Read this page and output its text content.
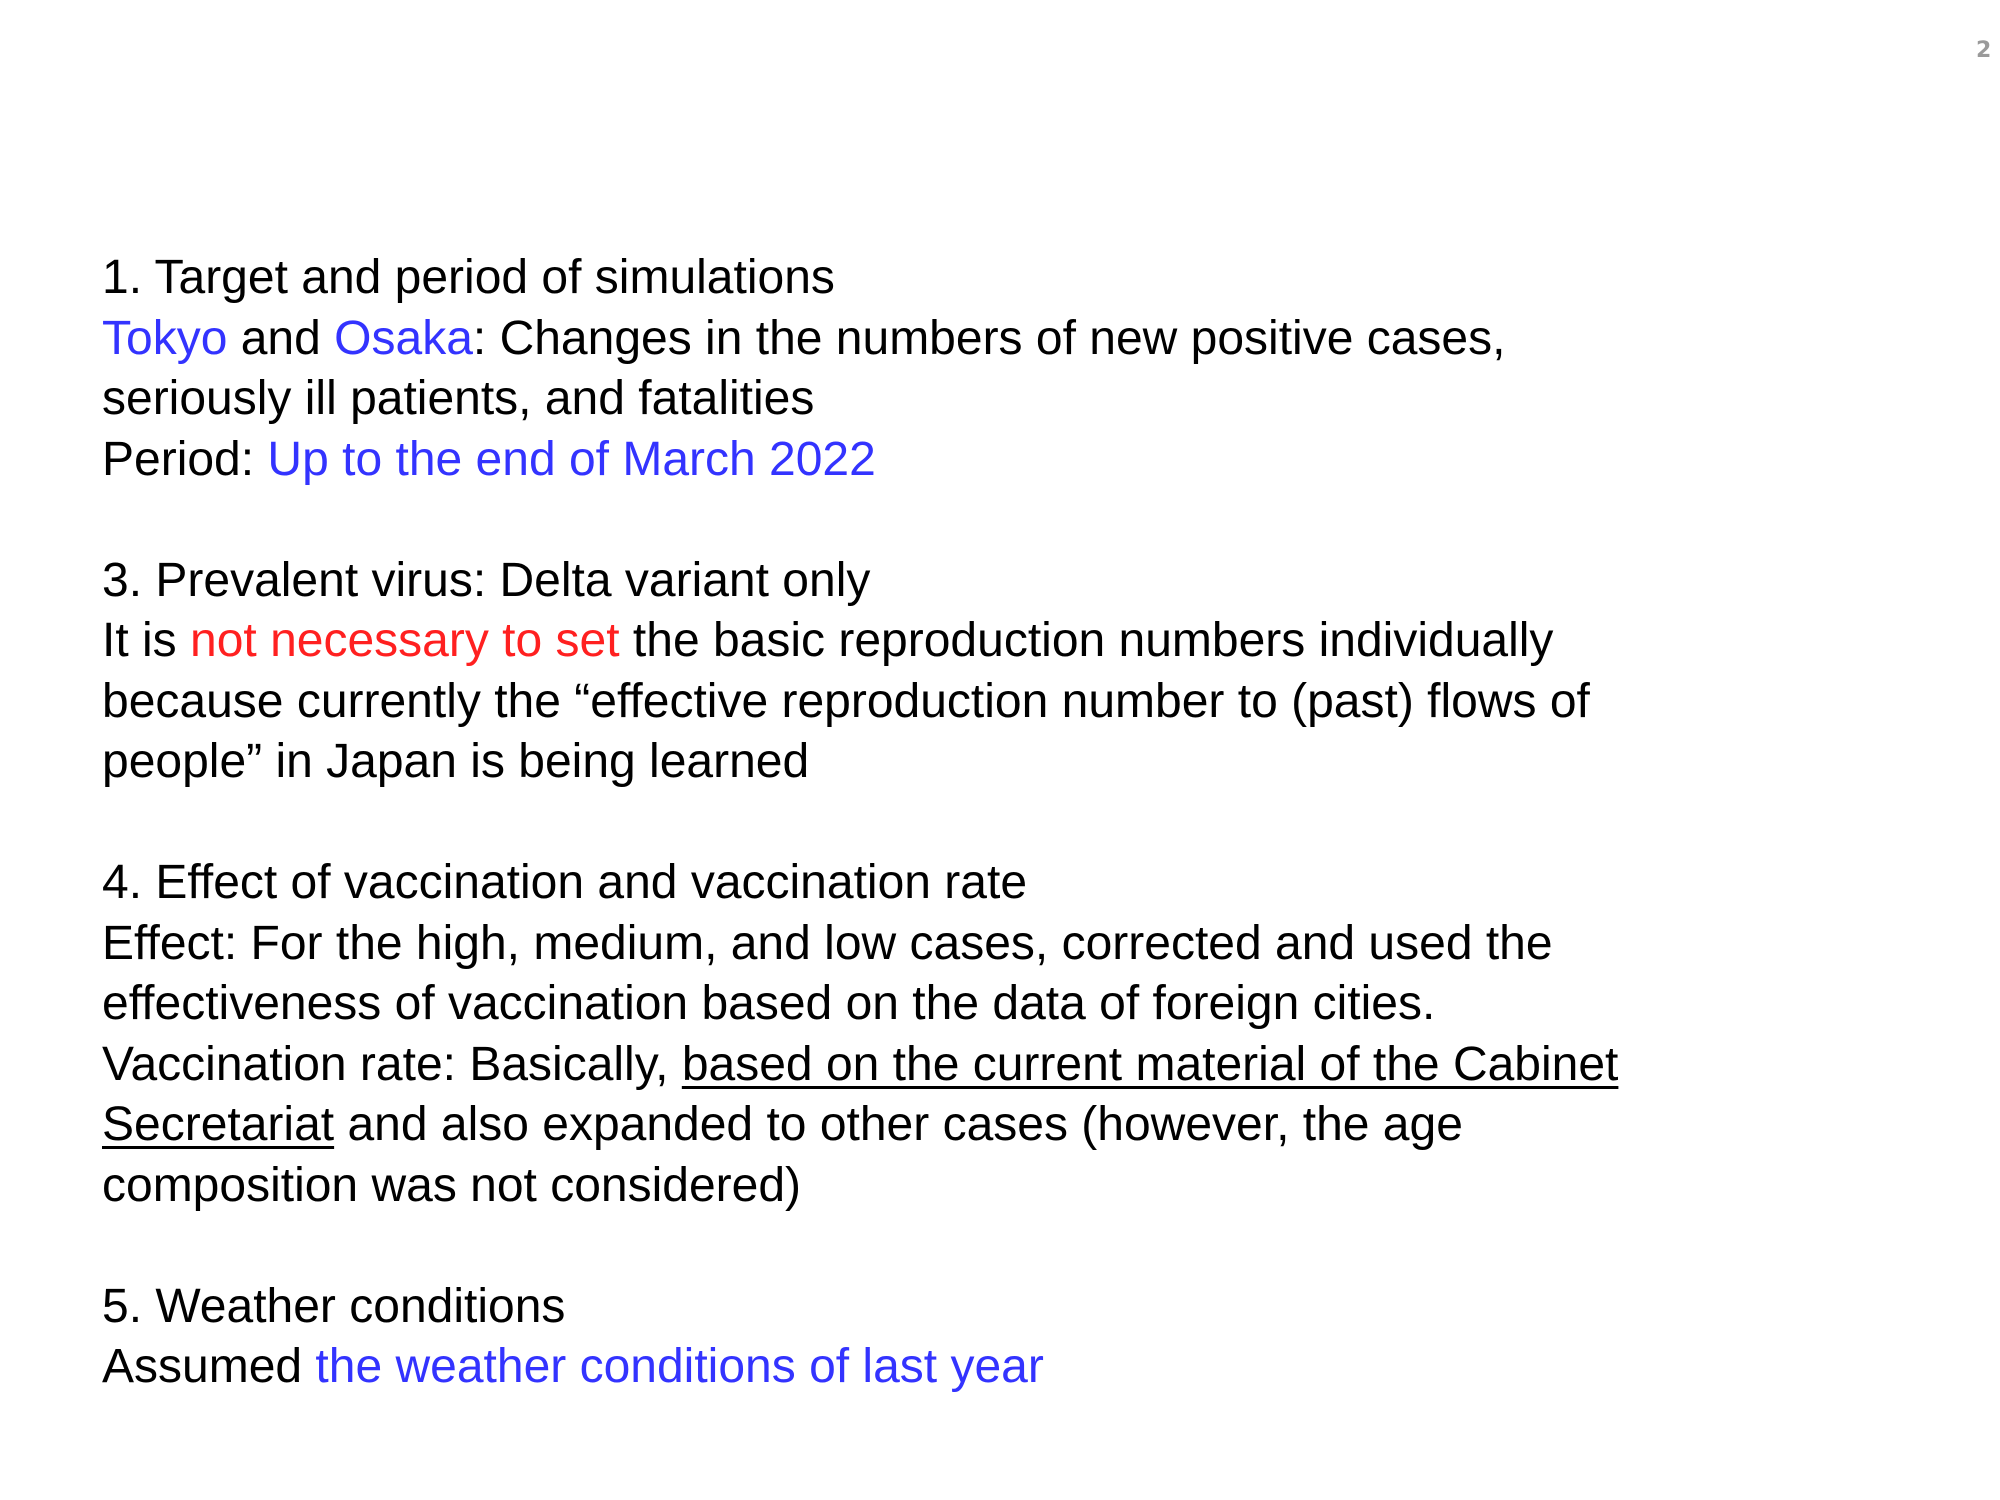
2
1. Target and period of simulations
Tokyo and Osaka: Changes in the numbers of new positive cases,
seriously ill patients, and fatalities
Period: Up to the end of March 2022
3. Prevalent virus: Delta variant only
It is not necessary to set the basic reproduction numbers individually
because currently the “effective reproduction number to (past) flows of
people” in Japan is being learned
4. Effect of vaccination and vaccination rate
Effect: For the high, medium, and low cases, corrected and used the
effectiveness of vaccination based on the data of foreign cities.
Vaccination rate: Basically, based on the current material of the Cabinet
Secretariat and also expanded to other cases (however, the age
composition was not considered)
5. Weather conditions
Assumed the weather conditions of last year
